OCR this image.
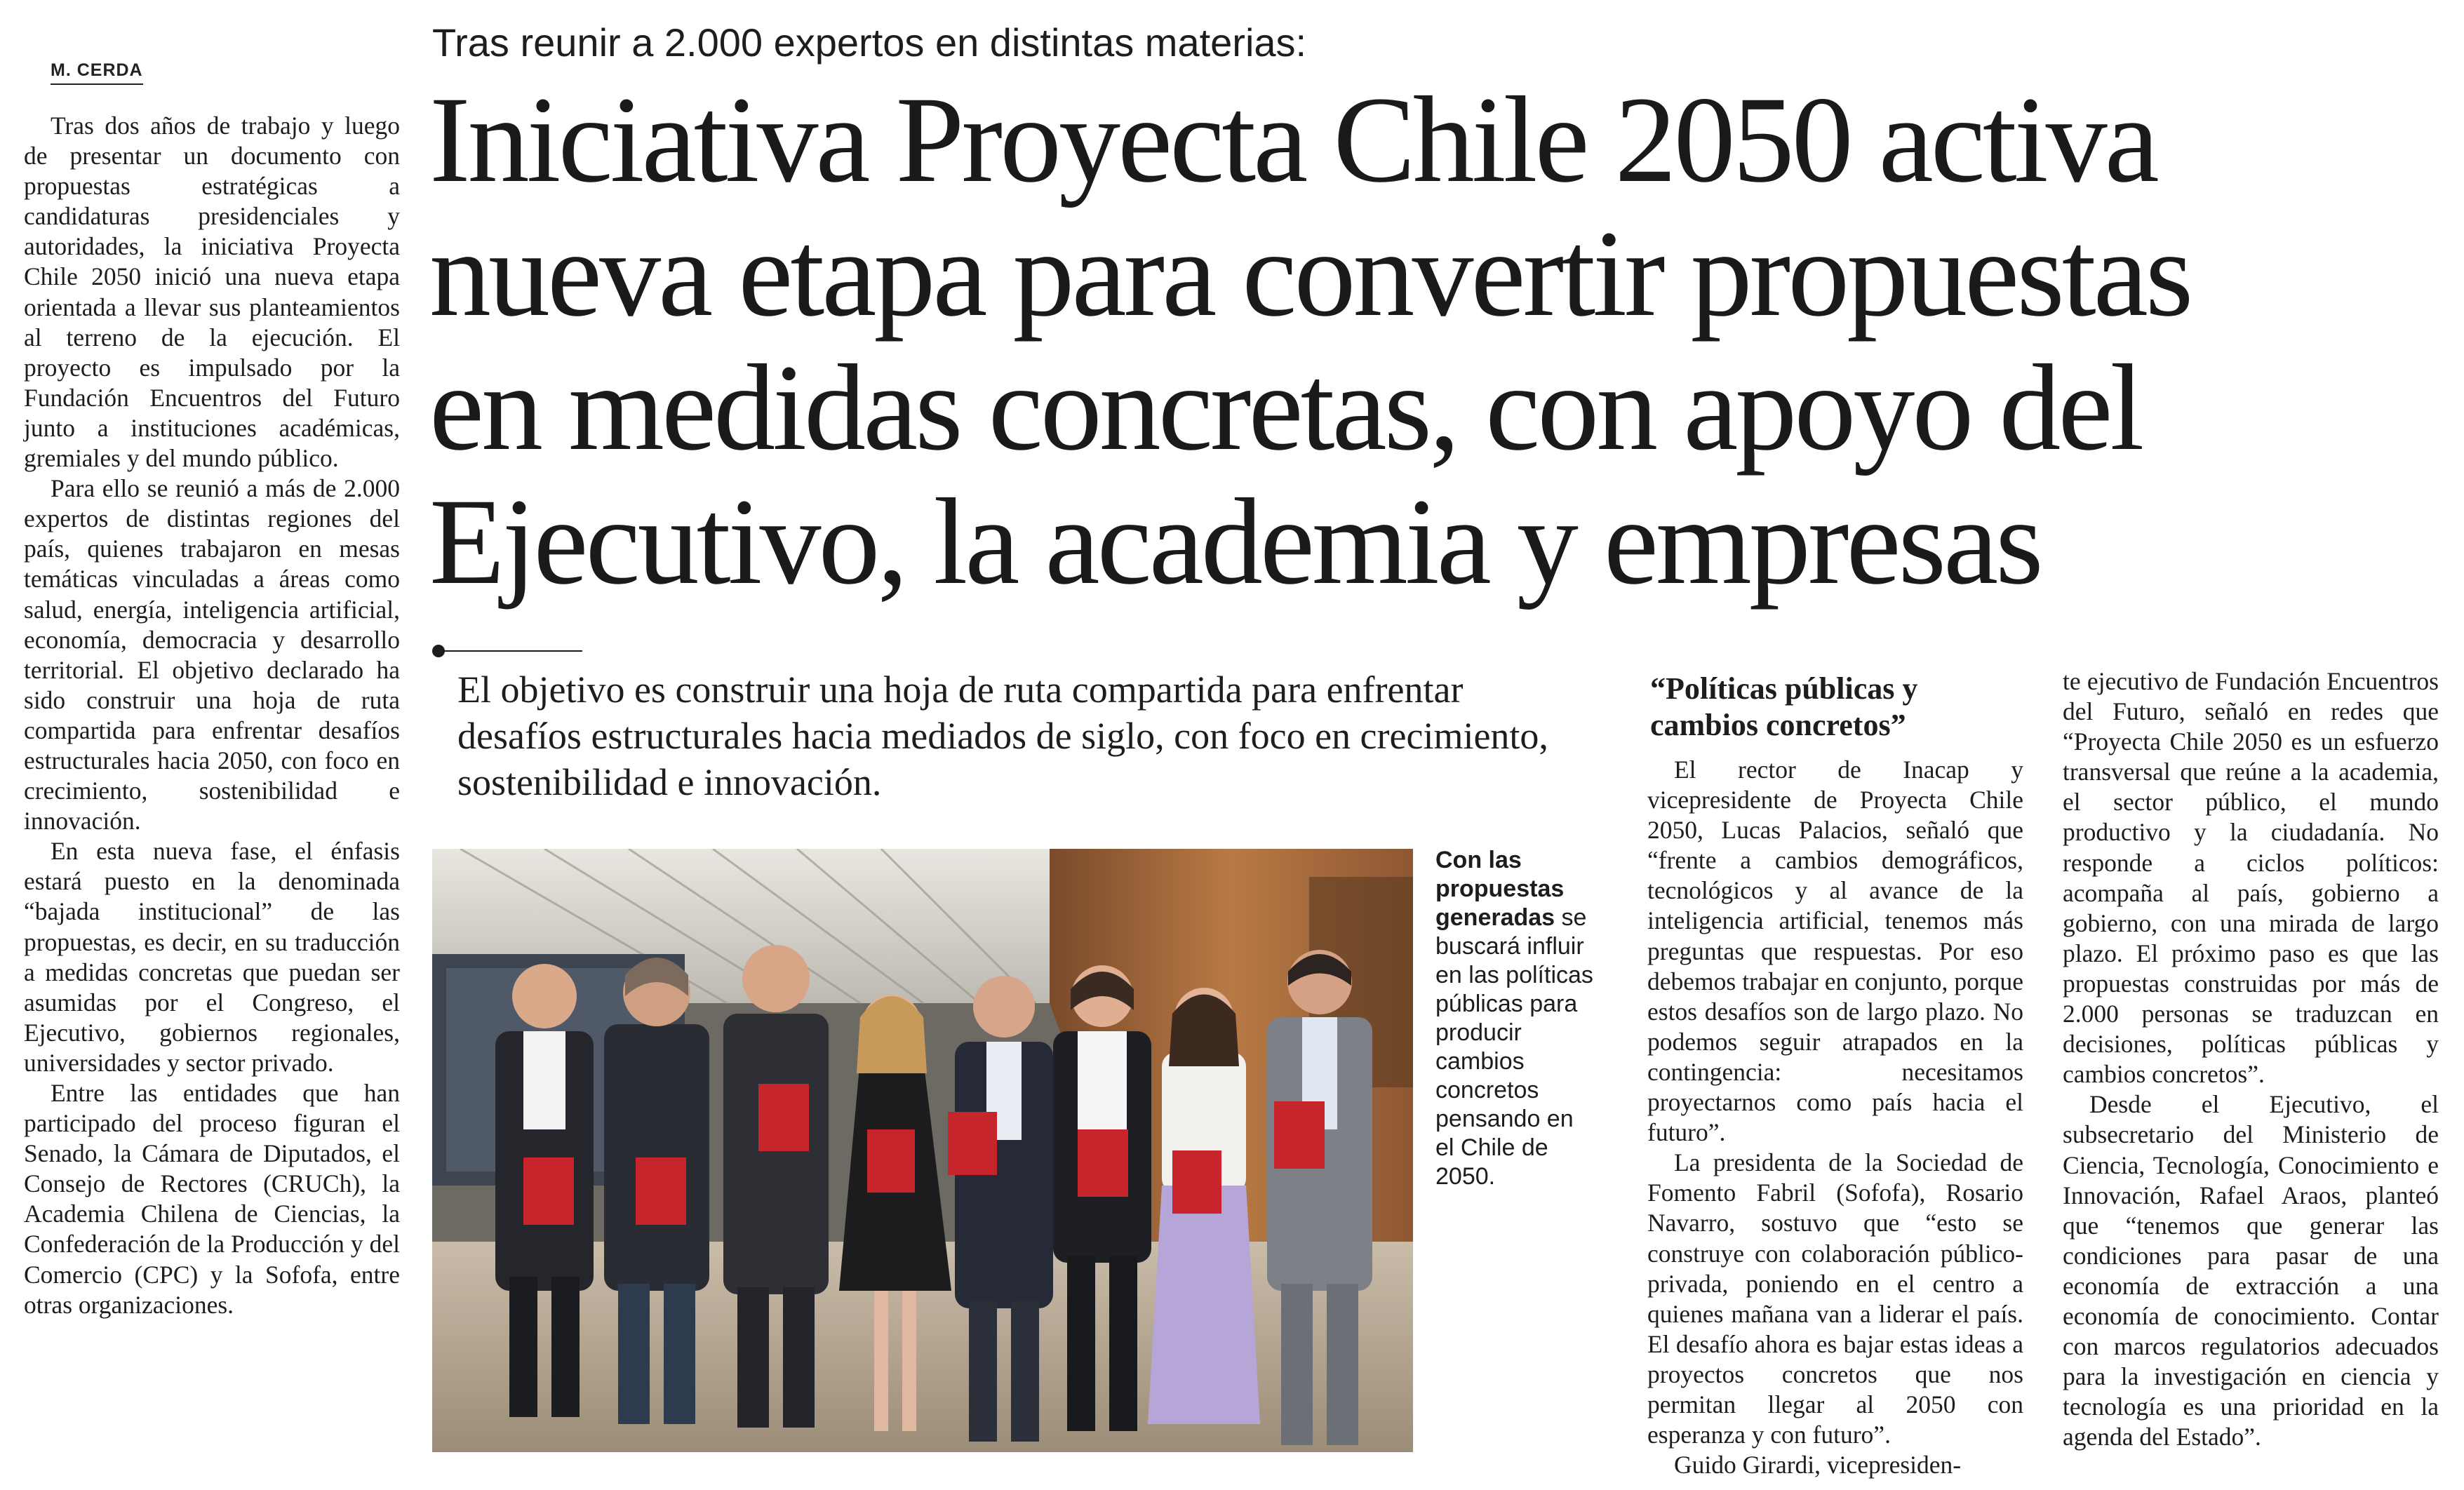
M. CERDA

Tras dos años de trabajo y luego de presentar un documento con propuestas estratégicas a candidaturas presidenciales y autoridades, la iniciativa Proyecta Chile 2050 inició una nueva etapa orientada a llevar sus planteamientos al terreno de la ejecución. El proyecto es impulsado por la Fundación Encuentros del Futuro junto a instituciones académicas, gremiales y del mundo público.

Para ello se reunió a más de 2.000 expertos de distintas regiones del país, quienes trabajaron en mesas temáticas vinculadas a áreas como salud, energía, inteligencia artificial, economía, democracia y desarrollo territorial. El objetivo declarado ha sido construir una hoja de ruta compartida para enfrentar desafíos estructurales hacia 2050, con foco en crecimiento, sostenibilidad e innovación.

En esta nueva fase, el énfasis estará puesto en la denominada “bajada institucional” de las propuestas, es decir, en su traducción a medidas concretas que puedan ser asumidas por el Congreso, el Ejecutivo, gobiernos regionales, universidades y sector privado.

Entre las entidades que han participado del proceso figuran el Senado, la Cámara de Diputados, el Consejo de Rectores (CRUCh), la Academia Chilena de Ciencias, la Confederación de la Producción y del Comercio (CPC) y la Sofofa, entre otras organizaciones.

Tras reunir a 2.000 expertos en distintas materias:
Iniciativa Proyecta Chile 2050 activa
nueva etapa para convertir propuestas
en medidas concretas, con apoyo del
Ejecutivo, la academia y empresas
El objetivo es construir una hoja de ruta compartida para enfrentar desafíos estructurales hacia mediados de siglo, con foco en crecimiento, sostenibilidad e innovación.
Con las propuestas generadas se buscará influir en las políticas públicas para producir cambios concretos pensando en el Chile de 2050.
“Políticas públicas y cambios concretos”

El rector de Inacap y vicepresidente de Proyecta Chile 2050, Lucas Palacios, señaló que “frente a cambios demográficos, tecnológicos y al avance de la inteligencia artificial, tenemos más preguntas que respuestas. Por eso debemos trabajar en conjunto, porque estos desafíos son de largo plazo. No podemos seguir atrapados en la contingencia: necesitamos proyectarnos como país hacia el futuro”.

La presidenta de la Sociedad de Fomento Fabril (Sofofa), Rosario Navarro, sostuvo que “esto se construye con colaboración público-privada, poniendo en el centro a quienes mañana van a liderar el país. El desafío ahora es bajar estas ideas a proyectos concretos que nos permitan llegar al 2050 con esperanza y con futuro”.

Guido Girardi, vicepresiden-

te ejecutivo de Fundación Encuentros del Futuro, señaló en redes que “Proyecta Chile 2050 es un esfuerzo transversal que reúne a la academia, el sector público, el mundo productivo y la ciudadanía. No responde a ciclos políticos: acompaña al país, gobierno a gobierno, con una mirada de largo plazo. El próximo paso es que las propuestas construidas por más de 2.000 personas se traduzcan en decisiones, políticas públicas y cambios concretos”.

Desde el Ejecutivo, el subsecretario del Ministerio de Ciencia, Tecnología, Conocimiento e Innovación, Rafael Araos, planteó que “tenemos que generar las condiciones para pasar de una economía de extracción a una economía de conocimiento. Contar con marcos regulatorios adecuados para la investigación en ciencia y tecnología es una prioridad en la agenda del Estado”.
